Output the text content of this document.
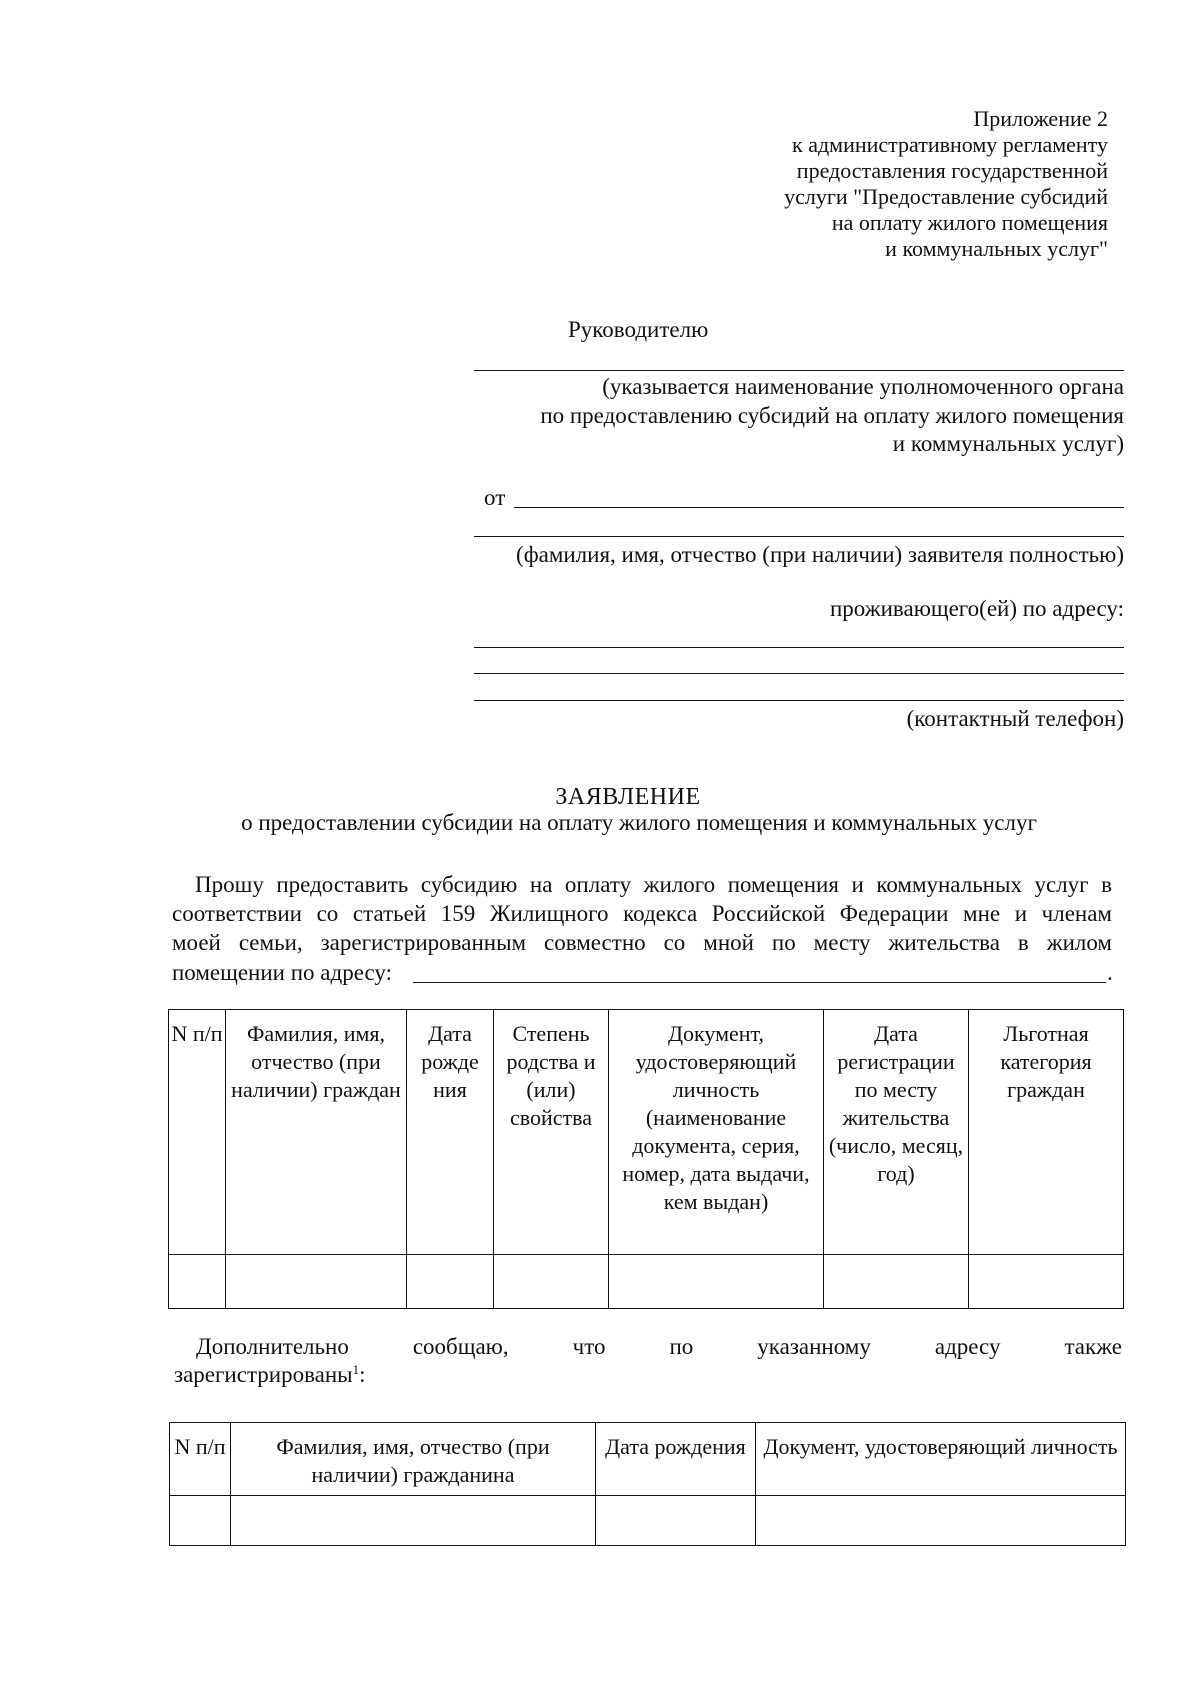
Приложение 2
к административному регламенту
предоставления государственной
услуги "Предоставление субсидий
на оплату жилого помещения
и коммунальных услуг"
Руководителю
(указывается наименование уполномоченного органа
по предоставлению субсидий на оплату жилого помещения
и коммунальных услуг)
от
(фамилия, имя, отчество (при наличии) заявителя полностью)
проживающего(ей) по адресу:
(контактный телефон)
ЗАЯВЛЕНИЕ
о предоставлении субсидии на оплату жилого помещения и коммунальных услуг
Прошу предоставить субсидию на оплату жилого помещения и коммунальных услуг в
соответствии со статьей 159 Жилищного кодекса Российской Федерации мне и членам
моей семьи, зарегистрированным совместно со мной по месту жительства в жилом
помещении по адресу:	.
N п/п	Фамилия, имя, отчество (при наличии) граждан	Дата рожде ния	Степень родства и (или) свойства	Документ, удостоверяющий личность (наименование документа, серия, номер, дата выдачи, кем выдан)	Дата регистрации по месту жительства (число, месяц, год)	Льготная категория граждан

Дополнительно сообщаю, что по указанному адресу также
зарегистрированы$^1$:
N п/п	Фамилия, имя, отчество (при наличии) гражданина	Дата рождения	Документ, удостоверяющий личность
